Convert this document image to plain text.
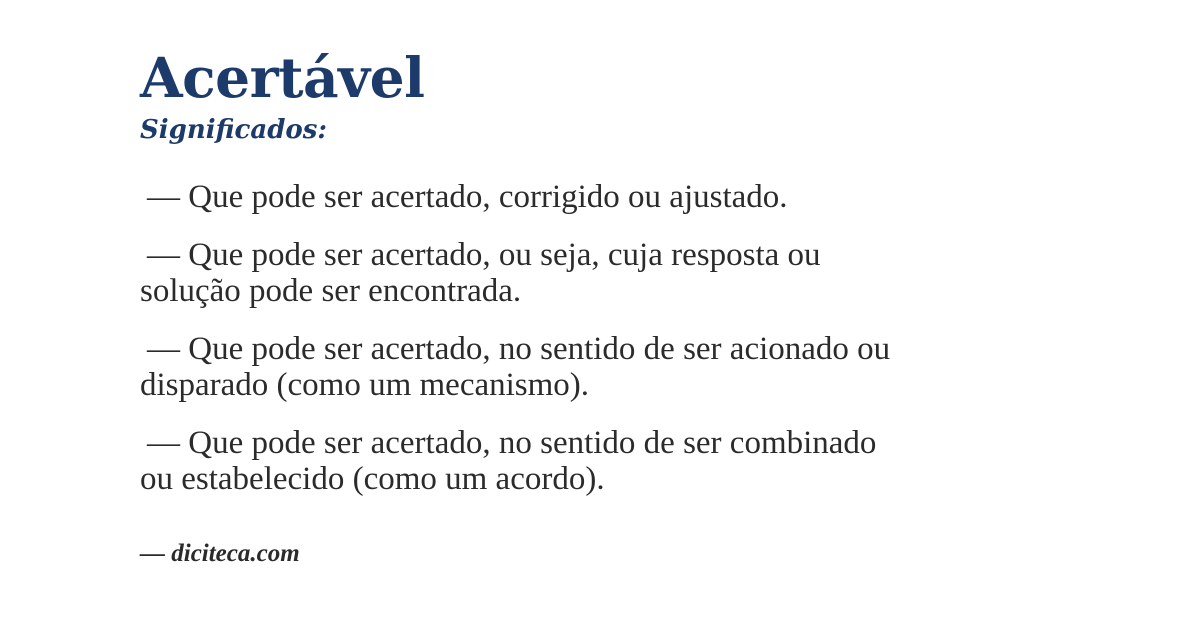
Acertável
Significados:
— Que pode ser acertado, corrigido ou ajustado.
— Que pode ser acertado, ou seja, cuja resposta ou
solução pode ser encontrada.
— Que pode ser acertado, no sentido de ser acionado ou
disparado (como um mecanismo).
— Que pode ser acertado, no sentido de ser combinado
ou estabelecido (como um acordo).
— diciteca.com
